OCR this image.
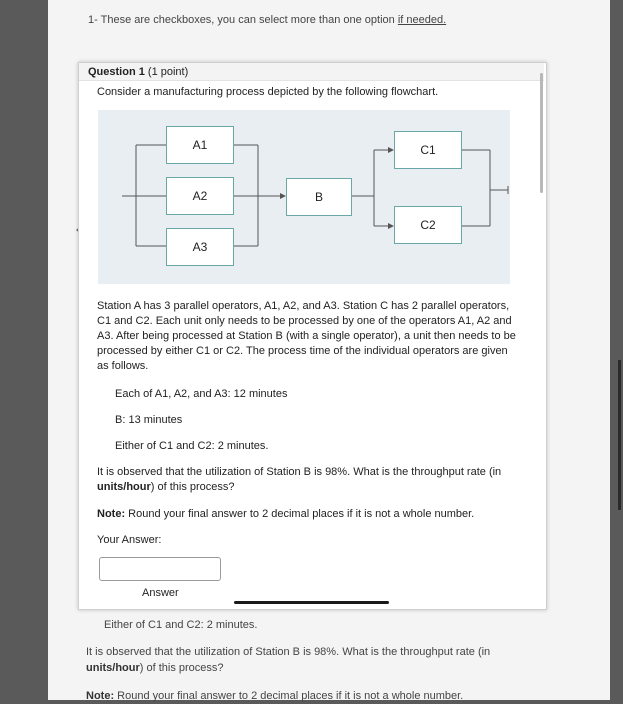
1- These are checkboxes, you can select more than one option if needed.
Either of C1 and C2: 2 minutes.
It is observed that the utilization of Station B is 98%. What is the throughput rate (in
units/hour) of this process?
Note: Round your final answer to 2 decimal places if it is not a whole number.
Question 1 (1 point)
Consider a manufacturing process depicted by the following flowchart.
A1
A2
A3
B
C1
C2
Station A has 3 parallel operators, A1, A2, and A3. Station C has 2 parallel operators, C1 and C2. Each unit only needs to be processed by one of the operators A1, A2 and A3. After being processed at Station B (with a single operator), a unit then needs to be processed by either C1 or C2. The process time of the individual operators are given as follows.
Each of A1, A2, and A3: 12 minutes
B: 13 minutes
Either of C1 and C2: 2 minutes.
It is observed that the utilization of Station B is 98%. What is the throughput rate (in units/hour) of this process?
Note: Round your final answer to 2 decimal places if it is not a whole number.
Your Answer:
Answer
